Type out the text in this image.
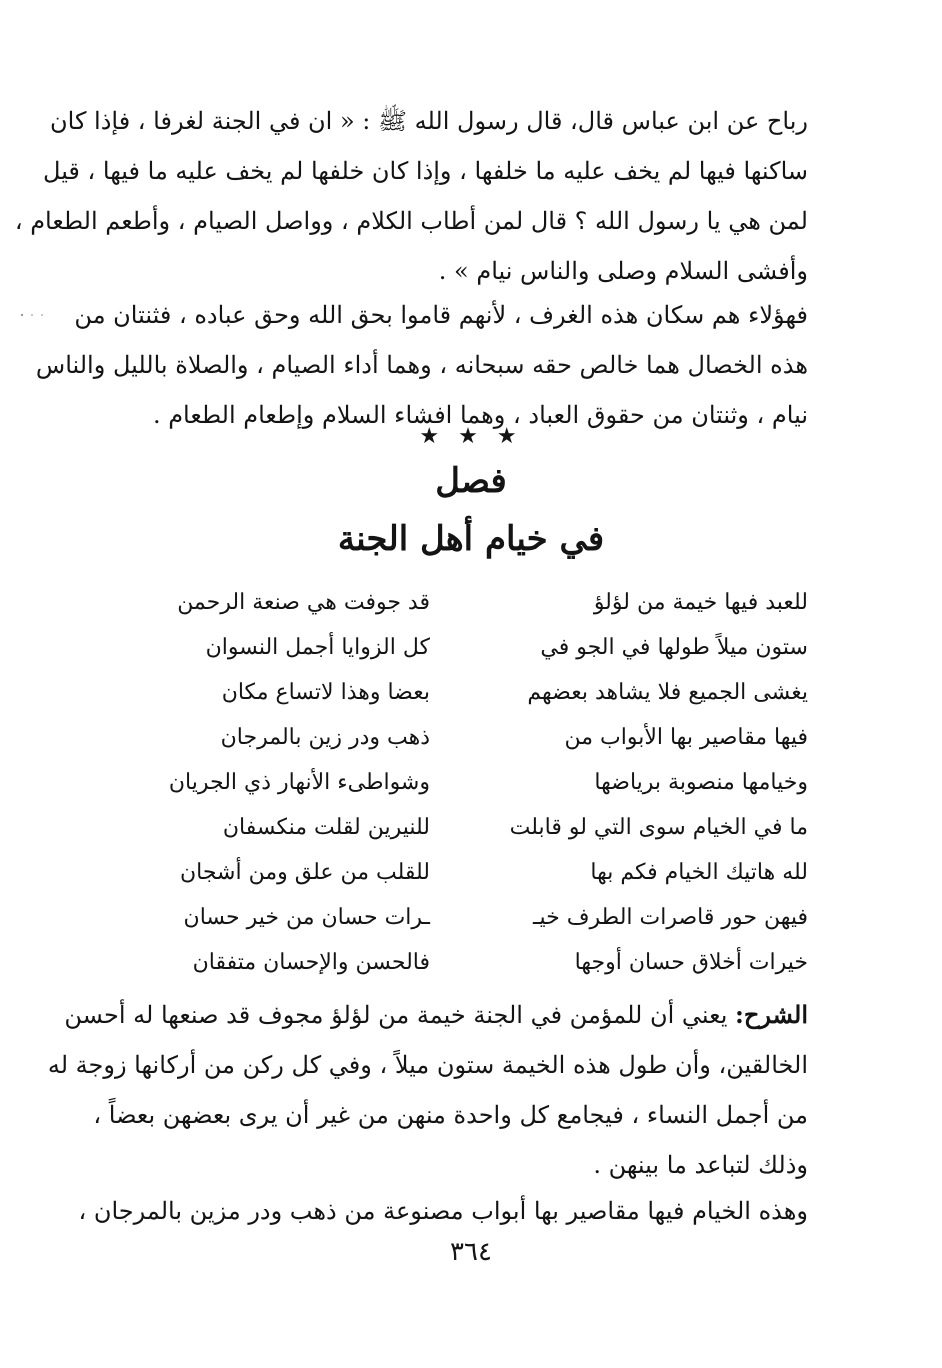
رباح عن ابن عباس قال، قال رسول الله ﷺ : « ان في الجنة لغرفا ، فإذا كان
ساكنها فيها لم يخف عليه ما خلفها ، وإذا كان خلفها لم يخف عليه ما فيها ، قيل
لمن هي يا رسول الله ؟ قال لمن أطاب الكلام ، وواصل الصيام ، وأطعم الطعام ،
وأفشى السلام وصلى والناس نيام » .
فهؤلاء هم سكان هذه الغرف ، لأنهم قاموا بحق الله وحق عباده ، فثنتان من
هذه الخصال هما خالص حقه سبحانه ، وهما أداء الصيام ، والصلاة بالليل والناس
نيام ، وثنتان من حقوق العباد ، وهما افشاء السلام وإطعام الطعام .
★ ★ ★
فصل
في خيام أهل الجنة
للعبد فيها خيمة من لؤلؤ
قد جوفت هي صنعة الرحمن
ستون ميلاً طولها في الجو في
كل الزوايا أجمل النسوان
يغشى الجميع فلا يشاهد بعضهم
بعضا وهذا لاتساع مكان
فيها مقاصير بها الأبواب من
ذهب ودر زين بالمرجان
وخيامها منصوبة برياضها
وشواطىء الأنهار ذي الجريان
ما في الخيام سوى التي لو قابلت
للنيرين لقلت منكسفان
لله هاتيك الخيام فكم بها
للقلب من علق ومن أشجان
فيهن حور قاصرات الطرف خيـ
ـرات حسان من خير حسان
خيرات أخلاق حسان أوجها
فالحسن والإحسان متفقان
الشرح: يعني أن للمؤمن في الجنة خيمة من لؤلؤ مجوف قد صنعها له أحسن
الخالقين، وأن طول هذه الخيمة ستون ميلاً ، وفي كل ركن من أركانها زوجة له
من أجمل النساء ، فيجامع كل واحدة منهن من غير أن يرى بعضهن بعضاً ،
وذلك لتباعد ما بينهن .
وهذه الخيام فيها مقاصير بها أبواب مصنوعة من ذهب ودر مزين بالمرجان ،
٣٦٤
